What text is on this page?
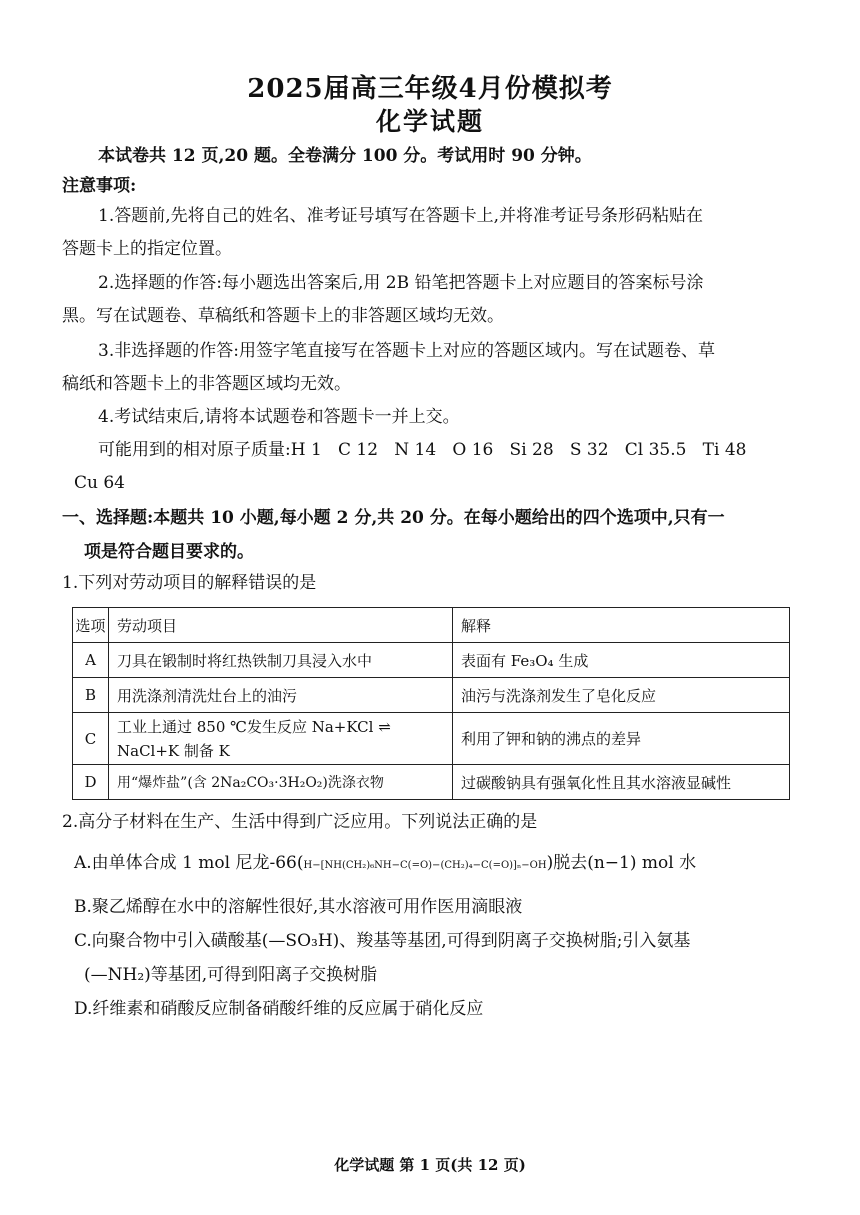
2025届高三年级4月份模拟考
化学试题
本试卷共 12 页,20 题。全卷满分 100 分。考试用时 90 分钟。
注意事项:
1.答题前,先将自己的姓名、准考证号填写在答题卡上,并将准考证号条形码粘贴在
答题卡上的指定位置。
2.选择题的作答:每小题选出答案后,用 2B 铅笔把答题卡上对应题目的答案标号涂
黑。写在试题卷、草稿纸和答题卡上的非答题区域均无效。
3.非选择题的作答:用签字笔直接写在答题卡上对应的答题区域内。写在试题卷、草
稿纸和答题卡上的非答题区域均无效。
4.考试结束后,请将本试题卷和答题卡一并上交。
可能用到的相对原子质量:H 1   C 12   N 14   O 16   Si 28   S 32   Cl 35.5   Ti 48
Cu 64
一、选择题:本题共 10 小题,每小题 2 分,共 20 分。在每小题给出的四个选项中,只有一
项是符合题目要求的。
1.下列对劳动项目的解释错误的是
选项	劳动项目	解释
A	刀具在锻制时将红热铁制刀具浸入水中	表面有 Fe₃O₄ 生成
B	用洗涤剂清洗灶台上的油污	油污与洗涤剂发生了皂化反应
C	工业上通过 850 ℃发生反应 Na+KCl ⇌
NaCl+K 制备 K	利用了钾和钠的沸点的差异
D	用“爆炸盐”(含 2Na₂CO₃·3H₂O₂)洗涤衣物	过碳酸钠具有强氧化性且其水溶液显碱性
2.高分子材料在生产、生活中得到广泛应用。下列说法正确的是
A.由单体合成 1 mol 尼龙-66(H−[NH(CH₂)₆NH−C(=O)−(CH₂)₄−C(=O)]ₙ−OH)脱去(n−1) mol 水
B.聚乙烯醇在水中的溶解性很好,其水溶液可用作医用滴眼液
C.向聚合物中引入磺酸基(—SO₃H)、羧基等基团,可得到阴离子交换树脂;引入氨基
(—NH₂)等基团,可得到阳离子交换树脂
D.纤维素和硝酸反应制备硝酸纤维的反应属于硝化反应
化学试题 第 1 页(共 12 页)
